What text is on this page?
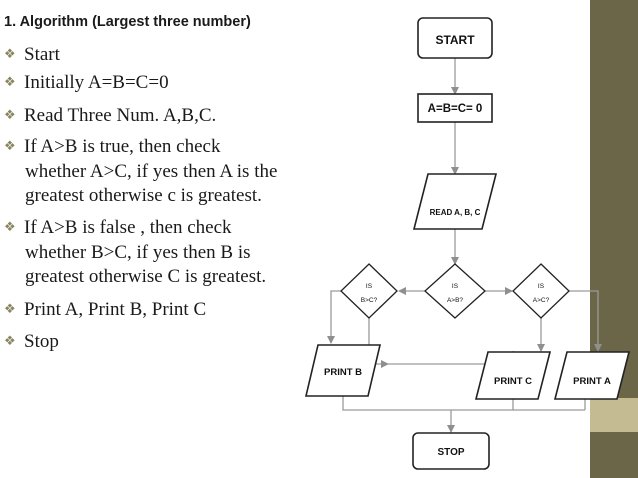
1. Algorithm (Largest three number)
❖ Start
❖ Initially A=B=C=0
❖ Read Three Num. A,B,C.
❖ If A>B is true, then check
whether A>C, if yes then A is the
greatest otherwise c is greatest.
❖ If A>B is false , then check
whether B>C, if yes then B is
greatest otherwise C is greatest.
❖ Print A, Print B, Print C
❖ Stop
START
A=B=C= 0
READ A, B, C
IS
B>C?
IS
A>B?
IS
A>C?
PRINT B
PRINT C	PRINT A
STOP
